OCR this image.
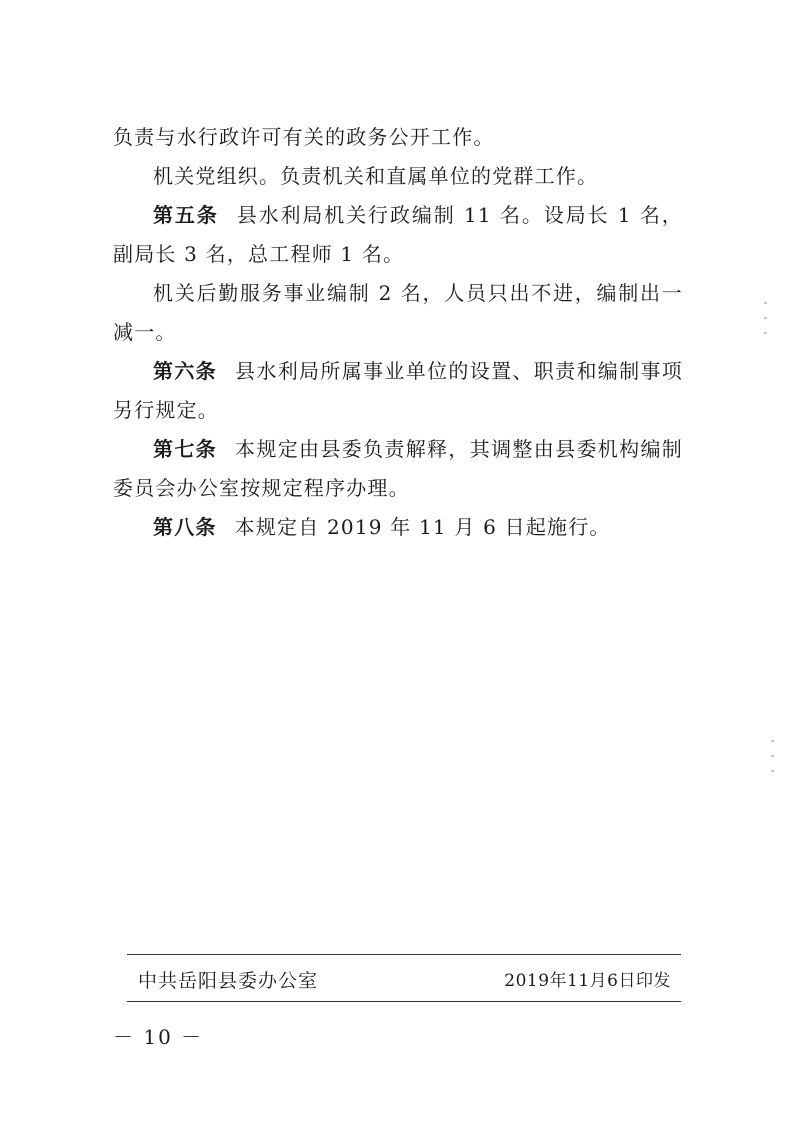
负责与水行政许可有关的政务公开工作。

机关党组织。负责机关和直属单位的党群工作。

第五条 县水利局机关行政编制 11 名。设局长 1 名，副局长 3 名，总工程师 1 名。

机关后勤服务事业编制 2 名，人员只出不进，编制出一减一。

第六条 县水利局所属事业单位的设置、职责和编制事项另行规定。

第七条 本规定由县委负责解释，其调整由县委机构编制委员会办公室按规定程序办理。

第八条 本规定自 2019 年 11 月 6 日起施行。

中共岳阳县委办公室	2019年11月6日印发
－ 10 －
